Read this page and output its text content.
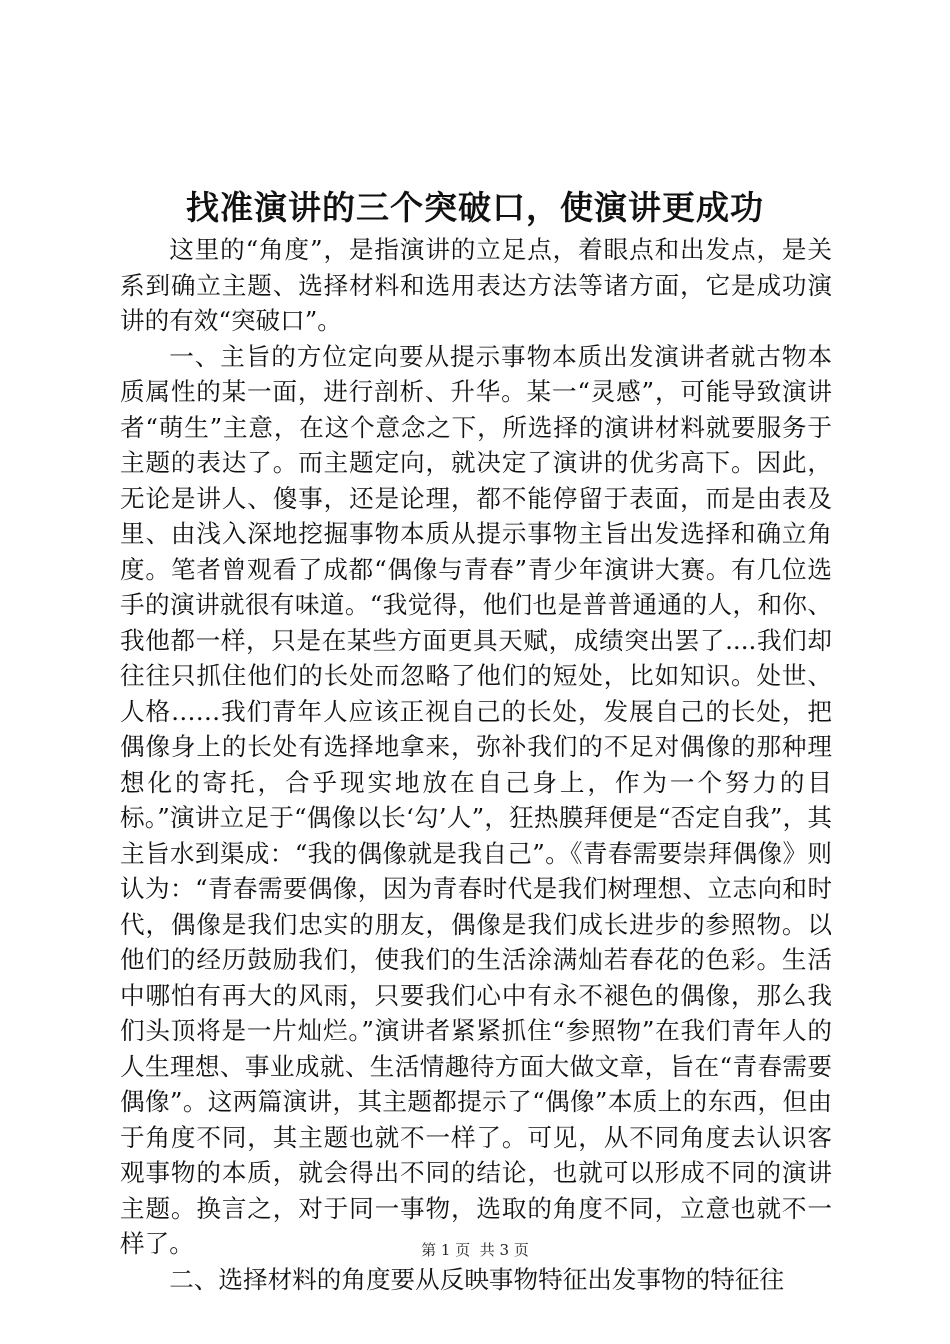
找准演讲的三个突破口，使演讲更成功

这里的“角度”，是指演讲的立足点，着眼点和出发点，是关系到确立主题、选择材料和选用表达方法等诸方面，它是成功演讲的有效“突破口”。

一、主旨的方位定向要从提示事物本质出发演讲者就古物本质属性的某一面，进行剖析、升华。某一“灵感”，可能导致演讲者“萌生”主意，在这个意念之下，所选择的演讲材料就要服务于主题的表达了。而主题定向，就决定了演讲的优劣高下。因此，无论是讲人、傻事，还是论理，都不能停留于表面，而是由表及里、由浅入深地挖掘事物本质从提示事物主旨出发选择和确立角度。笔者曾观看了成都“偶像与青春”青少年演讲大赛。有几位选手的演讲就很有味道。“我觉得，他们也是普普通通的人，和你、我他都一样，只是在某些方面更具天赋，成绩突出罢了....我们却往往只抓住他们的长处而忽略了他们的短处，比如知识。处世、人格……我们青年人应该正视自己的长处，发展自己的长处，把偶像身上的长处有选择地拿来，弥补我们的不足对偶像的那种理想化的寄托，合乎现实地放在自己身上，作为一个努力的目标。”演讲立足于“偶像以长‘勾’人”，狂热膜拜便是“否定自我”，其主旨水到渠成：“我的偶像就是我自己”。《青春需要崇拜偶像》则认为：“青春需要偶像，因为青春时代是我们树理想、立志向和时代，偶像是我们忠实的朋友，偶像是我们成长进步的参照物。以他们的经历鼓励我们，使我们的生活涂满灿若春花的色彩。生活中哪怕有再大的风雨，只要我们心中有永不褪色的偶像，那么我们头顶将是一片灿烂。”演讲者紧紧抓住“参照物”在我们青年人的人生理想、事业成就、生活情趣待方面大做文章，旨在“青春需要偶像”。这两篇演讲，其主题都提示了“偶像”本质上的东西，但由于角度不同，其主题也就不一样了。可见，从不同角度去认识客观事物的本质，就会得出不同的结论，也就可以形成不同的演讲主题。换言之，对于同一事物，选取的角度不同，立意也就不一样了。

二、选择材料的角度要从反映事物特征出发事物的特征往

第 1 页  共 3 页
